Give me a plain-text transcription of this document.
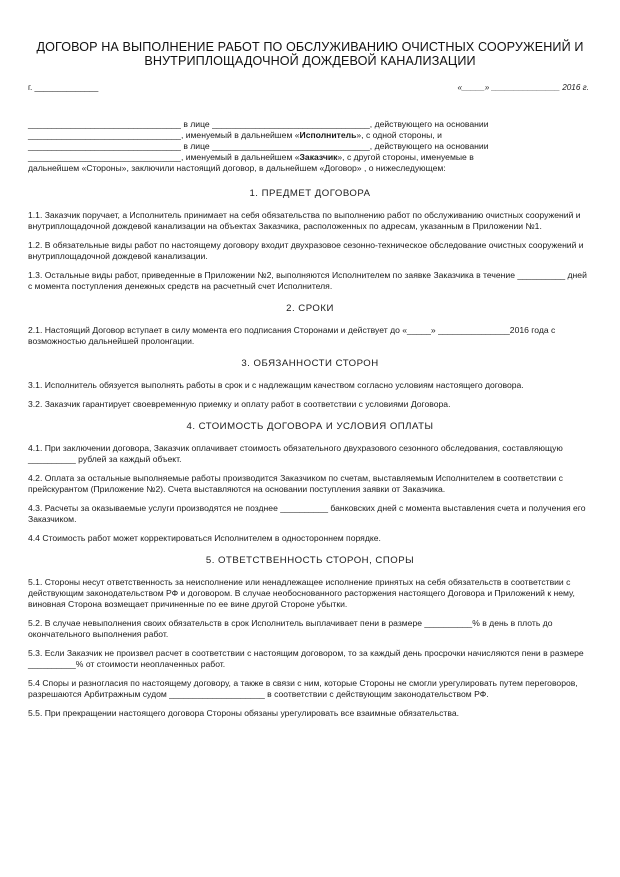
ДОГОВОР НА ВЫПОЛНЕНИЕ РАБОТ ПО ОБСЛУЖИВАНИЮ ОЧИСТНЫХ СООРУЖЕНИЙ И
ВНУТРИПЛОЩАДОЧНОЙ ДОЖДЕВОЙ КАНАЛИЗАЦИИ
г. ______________	«_____» _______________ 2016 г.

________________________________ в лице _________________________________, действующего на основании

________________________________, именуемый в дальнейшем «Исполнитель», с одной стороны, и

________________________________ в лице _________________________________, действующего на основании

________________________________, именуемый в дальнейшем «Заказчик», с другой стороны, именуемые в

дальнейшем «Стороны», заключили настоящий договор, в дальнейшем «Договор» , о нижеследующем:

1. ПРЕДМЕТ ДОГОВОРА

1.1. Заказчик поручает, а Исполнитель принимает на себя обязательства по выполнению работ по обслуживанию очистных сооружений и внутриплощадочной дождевой канализации на объектах Заказчика, расположенных по адресам, указанным в Приложении №1.

1.2. В обязательные виды работ по настоящему договору входит двухразовое сезонно-техническое обследование очистных сооружений и внутриплощадочной дождевой канализации.

1.3. Остальные виды работ, приведенные в Приложении №2, выполняются Исполнителем по заявке Заказчика в течение __________ дней с момента поступления денежных средств на расчетный счет Исполнителя.

2. СРОКИ

2.1. Настоящий Договор вступает в силу момента его подписания Сторонами и действует до «_____» _______________2016 года с возможностью дальнейшей пролонгации.

3. ОБЯЗАННОСТИ СТОРОН

3.1. Исполнитель обязуется выполнять работы в срок и с надлежащим качеством согласно условиям настоящего договора.

3.2. Заказчик гарантирует своевременную приемку и оплату работ в соответствии с условиями Договора.

4. СТОИМОСТЬ ДОГОВОРА И УСЛОВИЯ ОПЛАТЫ

4.1. При заключении договора, Заказчик оплачивает стоимость обязательного двухразового сезонного обследования, составляющую __________ рублей за каждый объект.

4.2. Оплата за остальные выполняемые работы производится Заказчиком по счетам, выставляемым Исполнителем в соответствии с прейскурантом (Приложение №2). Счета выставляются на основании поступления заявки от Заказчика.

4.3. Расчеты за оказываемые услуги производятся не позднее __________ банковских дней с момента выставления счета и получения его Заказчиком.

4.4 Стоимость работ может корректироваться Исполнителем в одностороннем порядке.

5. ОТВЕТСТВЕННОСТЬ СТОРОН, СПОРЫ

5.1. Стороны несут ответственность за неисполнение или ненадлежащее исполнение принятых на себя обязательств в соответствии с действующим законодательством РФ и договором. В случае необоснованного расторжения настоящего Договора и Приложений к нему, виновная Сторона возмещает причиненные по ее вине другой Стороне убытки.

5.2. В случае невыполнения своих обязательств в срок Исполнитель выплачивает пени в размере __________% в день в плоть до окончательного выполнения работ.

5.3. Если Заказчик не произвел расчет в соответствии с настоящим договором, то за каждый день просрочки начисляются пени в размере __________% от стоимости неоплаченных работ.

5.4 Споры и разногласия по настоящему договору, а также в связи с ним, которые Стороны не смогли урегулировать путем переговоров, разрешаются Арбитражным судом ____________________ в соответствии с действующим законодательством РФ.

5.5. При прекращении настоящего договора Стороны обязаны урегулировать все взаимные обязательства.
